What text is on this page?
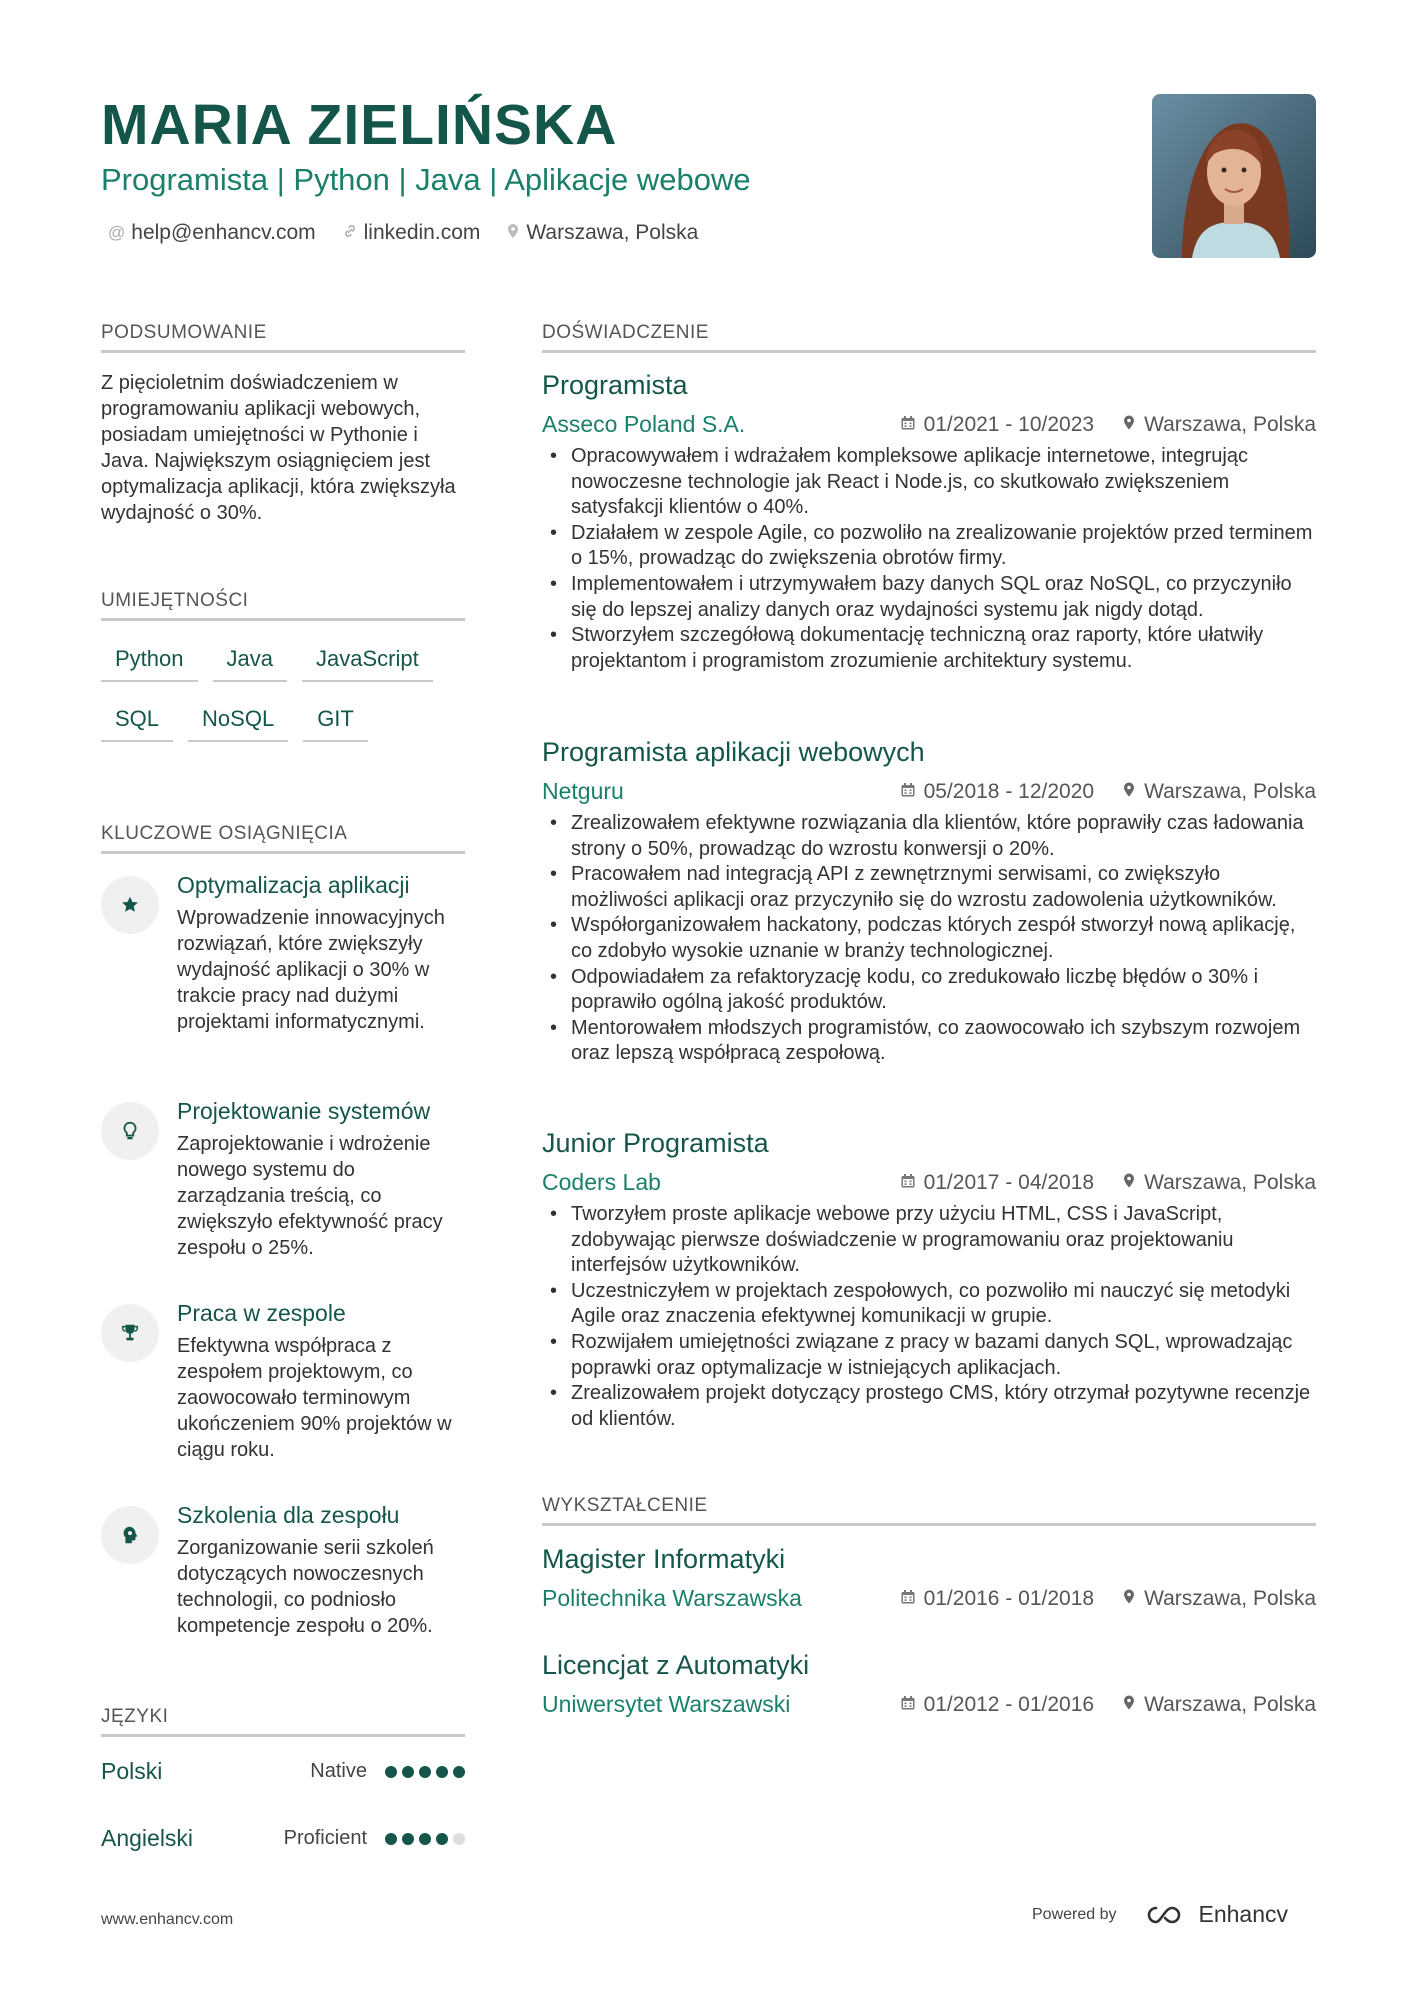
MARIA ZIELIŃSKA
Programista | Python | Java | Aplikacje webowe
@ help@enhancv.com linkedin.com Warszawa, Polska
PODSUMOWANIE
Z pięcioletnim doświadczeniem w programowaniu aplikacji webowych, posiadam umiejętności w Pythonie i Java. Największym osiągnięciem jest optymalizacja aplikacji, która zwiększyła wydajność o 30%.
UMIEJĘTNOŚCI
Python	Java	JavaScript
SQL	NoSQL	GIT
KLUCZOWE OSIĄGNIĘCIA
Optymalizacja aplikacji
Wprowadzenie innowacyjnych rozwiązań, które zwiększyły wydajność aplikacji o 30% w trakcie pracy nad dużymi projektami informatycznymi.
Projektowanie systemów
Zaprojektowanie i wdrożenie nowego systemu do zarządzania treścią, co zwiększyło efektywność pracy zespołu o 25%.
Praca w zespole
Efektywna współpraca z zespołem projektowym, co zaowocowało terminowym ukończeniem 90% projektów w ciągu roku.
Szkolenia dla zespołu
Zorganizowanie serii szkoleń dotyczących nowoczesnych technologii, co podniosło kompetencje zespołu o 20%.
JĘZYKI
Polski	Native
Angielski	Proficient
DOŚWIADCZENIE
Programista
Asseco Poland S.A.	01/2021 - 10/2023 Warszawa, Polska
• Opracowywałem i wdrażałem kompleksowe aplikacje internetowe, integrując nowoczesne technologie jak React i Node.js, co skutkowało zwiększeniem satysfakcji klientów o 40%.
• Działałem w zespole Agile, co pozwoliło na zrealizowanie projektów przed terminem o 15%, prowadząc do zwiększenia obrotów firmy.
• Implementowałem i utrzymywałem bazy danych SQL oraz NoSQL, co przyczyniło się do lepszej analizy danych oraz wydajności systemu jak nigdy dotąd.
• Stworzyłem szczegółową dokumentację techniczną oraz raporty, które ułatwiły projektantom i programistom zrozumienie architektury systemu.
Programista aplikacji webowych
Netguru	05/2018 - 12/2020 Warszawa, Polska
• Zrealizowałem efektywne rozwiązania dla klientów, które poprawiły czas ładowania strony o 50%, prowadząc do wzrostu konwersji o 20%.
• Pracowałem nad integracją API z zewnętrznymi serwisami, co zwiększyło możliwości aplikacji oraz przyczyniło się do wzrostu zadowolenia użytkowników.
• Współorganizowałem hackatony, podczas których zespół stworzył nową aplikację, co zdobyło wysokie uznanie w branży technologicznej.
• Odpowiadałem za refaktoryzację kodu, co zredukowało liczbę błędów o 30% i poprawiło ogólną jakość produktów.
• Mentorowałem młodszych programistów, co zaowocowało ich szybszym rozwojem oraz lepszą współpracą zespołową.
Junior Programista
Coders Lab	01/2017 - 04/2018 Warszawa, Polska
• Tworzyłem proste aplikacje webowe przy użyciu HTML, CSS i JavaScript, zdobywając pierwsze doświadczenie w programowaniu oraz projektowaniu interfejsów użytkowników.
• Uczestniczyłem w projektach zespołowych, co pozwoliło mi nauczyć się metodyki Agile oraz znaczenia efektywnej komunikacji w grupie.
• Rozwijałem umiejętności związane z pracy w bazami danych SQL, wprowadzając poprawki oraz optymalizacje w istniejących aplikacjach.
• Zrealizowałem projekt dotyczący prostego CMS, który otrzymał pozytywne recenzje od klientów.
WYKSZTAŁCENIE
Magister Informatyki
Politechnika Warszawska	01/2016 - 01/2018 Warszawa, Polska
Licencjat z Automatyki
Uniwersytet Warszawski	01/2012 - 01/2016 Warszawa, Polska
www.enhancv.com	Powered by	Enhancv
